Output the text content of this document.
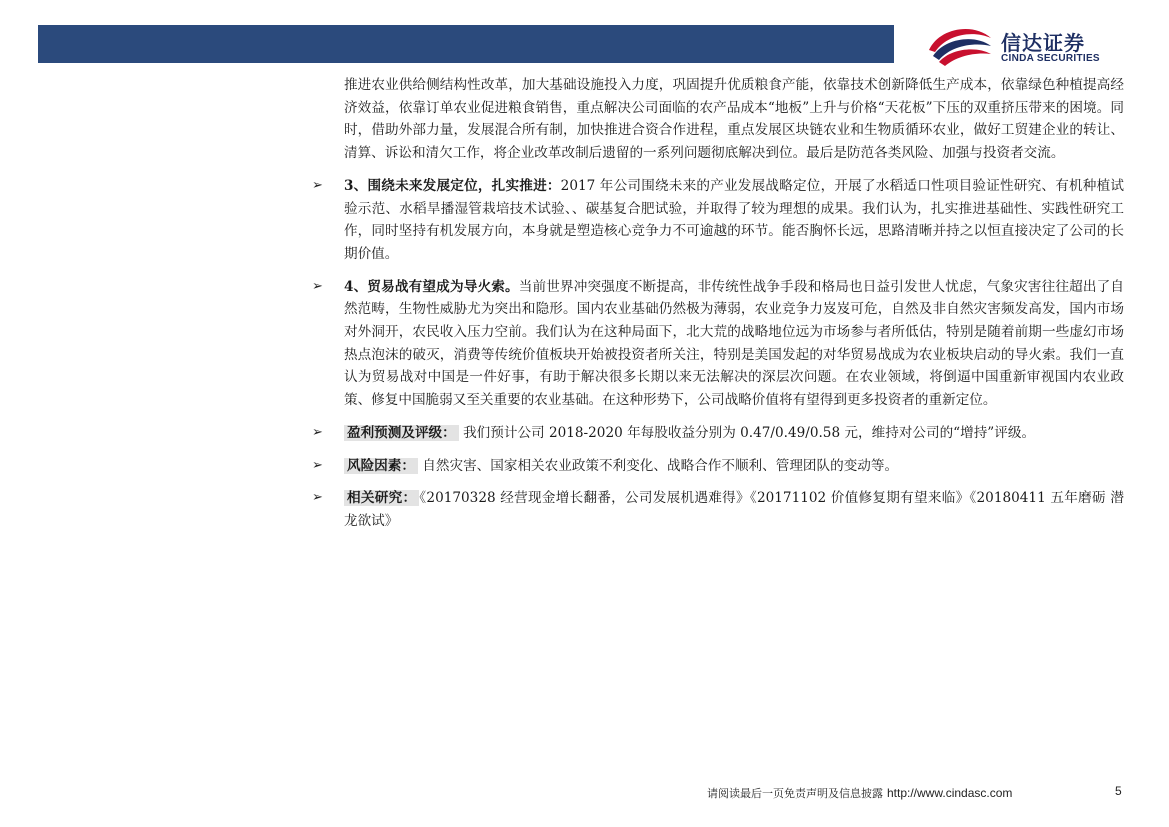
信达证券
CINDA SECURITIES

推进农业供给侧结构性改革，加大基础设施投入力度，巩固提升优质粮食产能，依靠技术创新降低生产成本，依靠绿色种植提高经济效益，依靠订单农业促进粮食销售，重点解决公司面临的农产品成本“地板”上升与价格“天花板”下压的双重挤压带来的困境。同时，借助外部力量，发展混合所有制，加快推进合资合作进程，重点发展区块链农业和生物质循环农业，做好工贸建企业的转让、清算、诉讼和清欠工作，将企业改革改制后遗留的一系列问题彻底解决到位。最后是防范各类风险、加强与投资者交流。

➢	3、围绕未来发展定位，扎实推进：2017 年公司围绕未来的产业发展战略定位，开展了水稻适口性项目验证性研究、有机种植试验示范、水稻旱播湿管栽培技术试验、、碳基复合肥试验，并取得了较为理想的成果。我们认为，扎实推进基础性、实践性研究工作，同时坚持有机发展方向，本身就是塑造核心竞争力不可逾越的环节。能否胸怀长远，思路清晰并持之以恒直接决定了公司的长期价值。
➢	4、贸易战有望成为导火索。当前世界冲突强度不断提高，非传统性战争手段和格局也日益引发世人忧虑，气象灾害往往超出了自然范畴，生物性威胁尤为突出和隐形。国内农业基础仍然极为薄弱，农业竞争力岌岌可危，自然及非自然灾害频发高发，国内市场对外洞开，农民收入压力空前。我们认为在这种局面下，北大荒的战略地位远为市场参与者所低估，特别是随着前期一些虚幻市场热点泡沫的破灭，消费等传统价值板块开始被投资者所关注，特别是美国发起的对华贸易战成为农业板块启动的导火索。我们一直认为贸易战对中国是一件好事，有助于解决很多长期以来无法解决的深层次问题。在农业领域，将倒逼中国重新审视国内农业政策、修复中国脆弱又至关重要的农业基础。在这种形势下，公司战略价值将有望得到更多投资者的重新定位。
➢	盈利预测及评级： 我们预计公司 2018-2020 年每股收益分别为 0.47/0.49/0.58 元，维持对公司的“增持”评级。
➢	风险因素： 自然灾害、国家相关农业政策不利变化、战略合作不顺利、管理团队的变动等。
➢	相关研究： 《20170328 经营现金增长翻番，公司发展机遇难得》《20171102 价值修复期有望来临》《20180411 五年磨砺 潜龙欲试》
请阅读最后一页免责声明及信息披露 http://www.cindasc.com	5
